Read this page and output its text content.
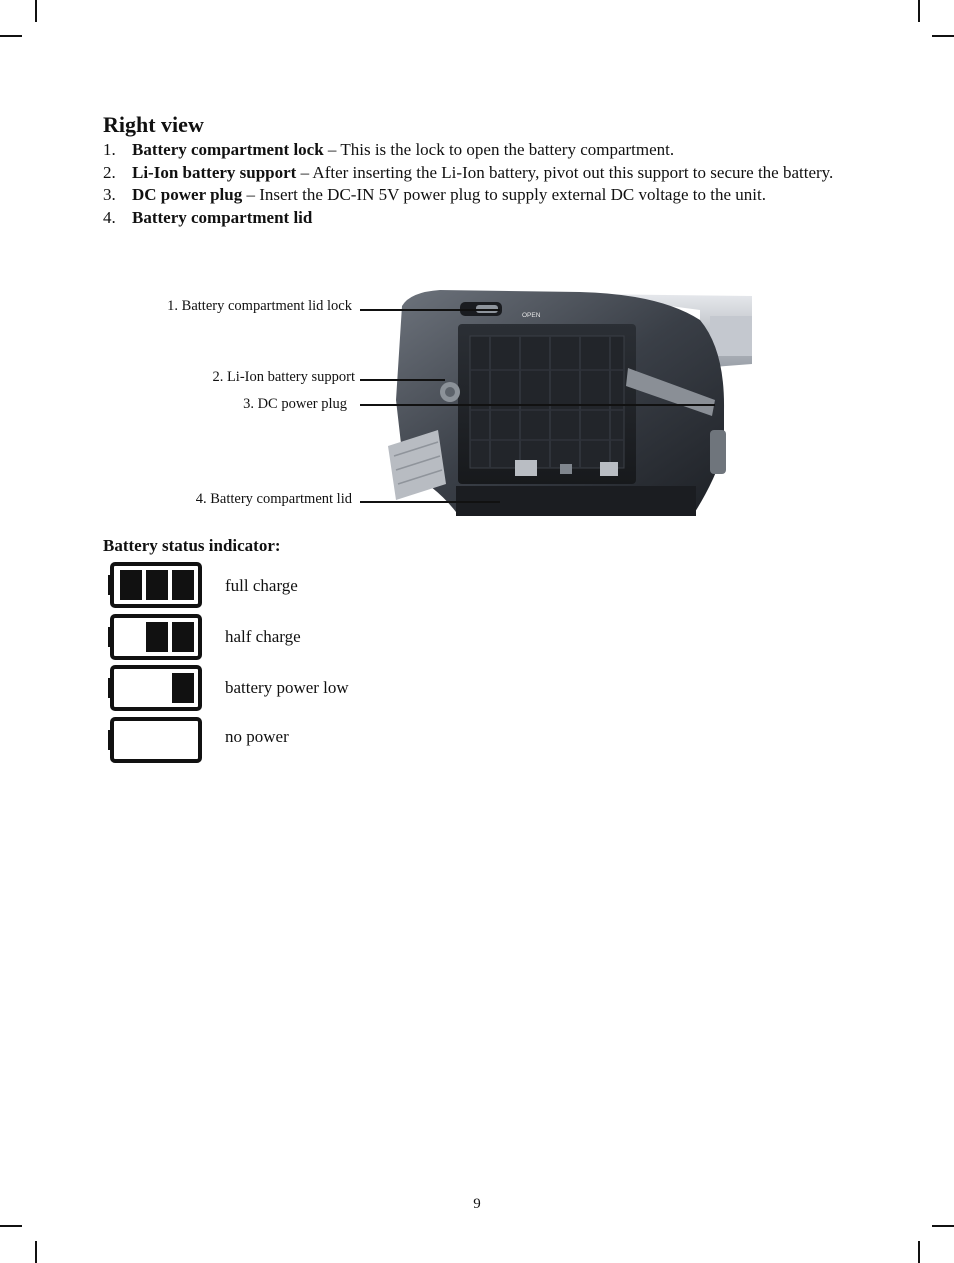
Right view
1. Battery compartment lock – This is the lock to open the battery compartment.
2. Li-Ion battery support – After inserting the Li-Ion battery, pivot out this support to secure the battery.
3. DC power plug – Insert the DC-IN 5V power plug to supply external DC voltage to the unit.
4. Battery compartment lid
OPEN
1. Battery compartment lid lock
2. Li-Ion battery support
3. DC power plug
4. Battery compartment lid
Battery status indicator:
full charge
half charge
battery power low
no power
9
